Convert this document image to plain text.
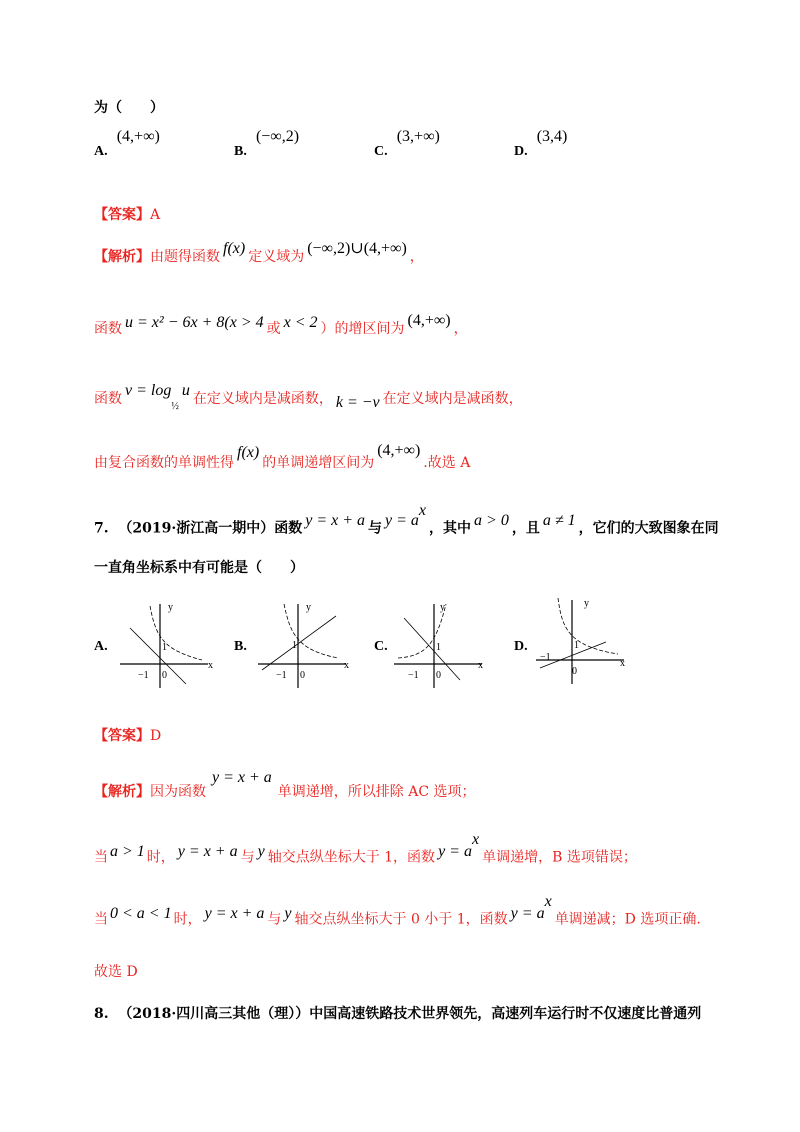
为（　　）
A. (4,+∞)
B. (−∞,2)
C. (3,+∞)
D. (3,4)
【答案】A
【解析】由题得函数 f(x) 定义域为 (−∞,2)∪(4,+∞) ，
函数 u = x² − 6x + 8(x > 4 或 x < 2 ）的增区间为 (4,+∞) ，
函数 $v = \log_{\frac{1}{2}}u$ 在定义域内是减函数， k = −v 在定义域内是减函数，
由复合函数的单调性得f(x)的单调递增区间为(4,+∞).故选 A
7. （2019·浙江高一期中）函数 y = x + a 与 $y = a^x$，其中 a > 0 ，且 a ≠ 1 ，它们的大致图象在同
一直角坐标系中有可能是（　　）
A.
y
x
1
−1 0
B.
y
x
1
−1 0
C.
y
x
1
−1 0
D.
y
x
1
−1
0
【答案】D
【解析】因为函数y = x + a单调递增，所以排除 AC 选项；
当 a > 1 时， y = x + a 与 y 轴交点纵坐标大于 1，函数 $y = a^x$单调递增，B 选项错误；
当 0 < a < 1 时， y = x + a 与 y 轴交点纵坐标大于 0 小于 1，函数 $y = a^x$单调递减；D 选项正确.
故选 D
8. （2018·四川高三其他（理））中国高速铁路技术世界领先，高速列车运行时不仅速度比普通列
